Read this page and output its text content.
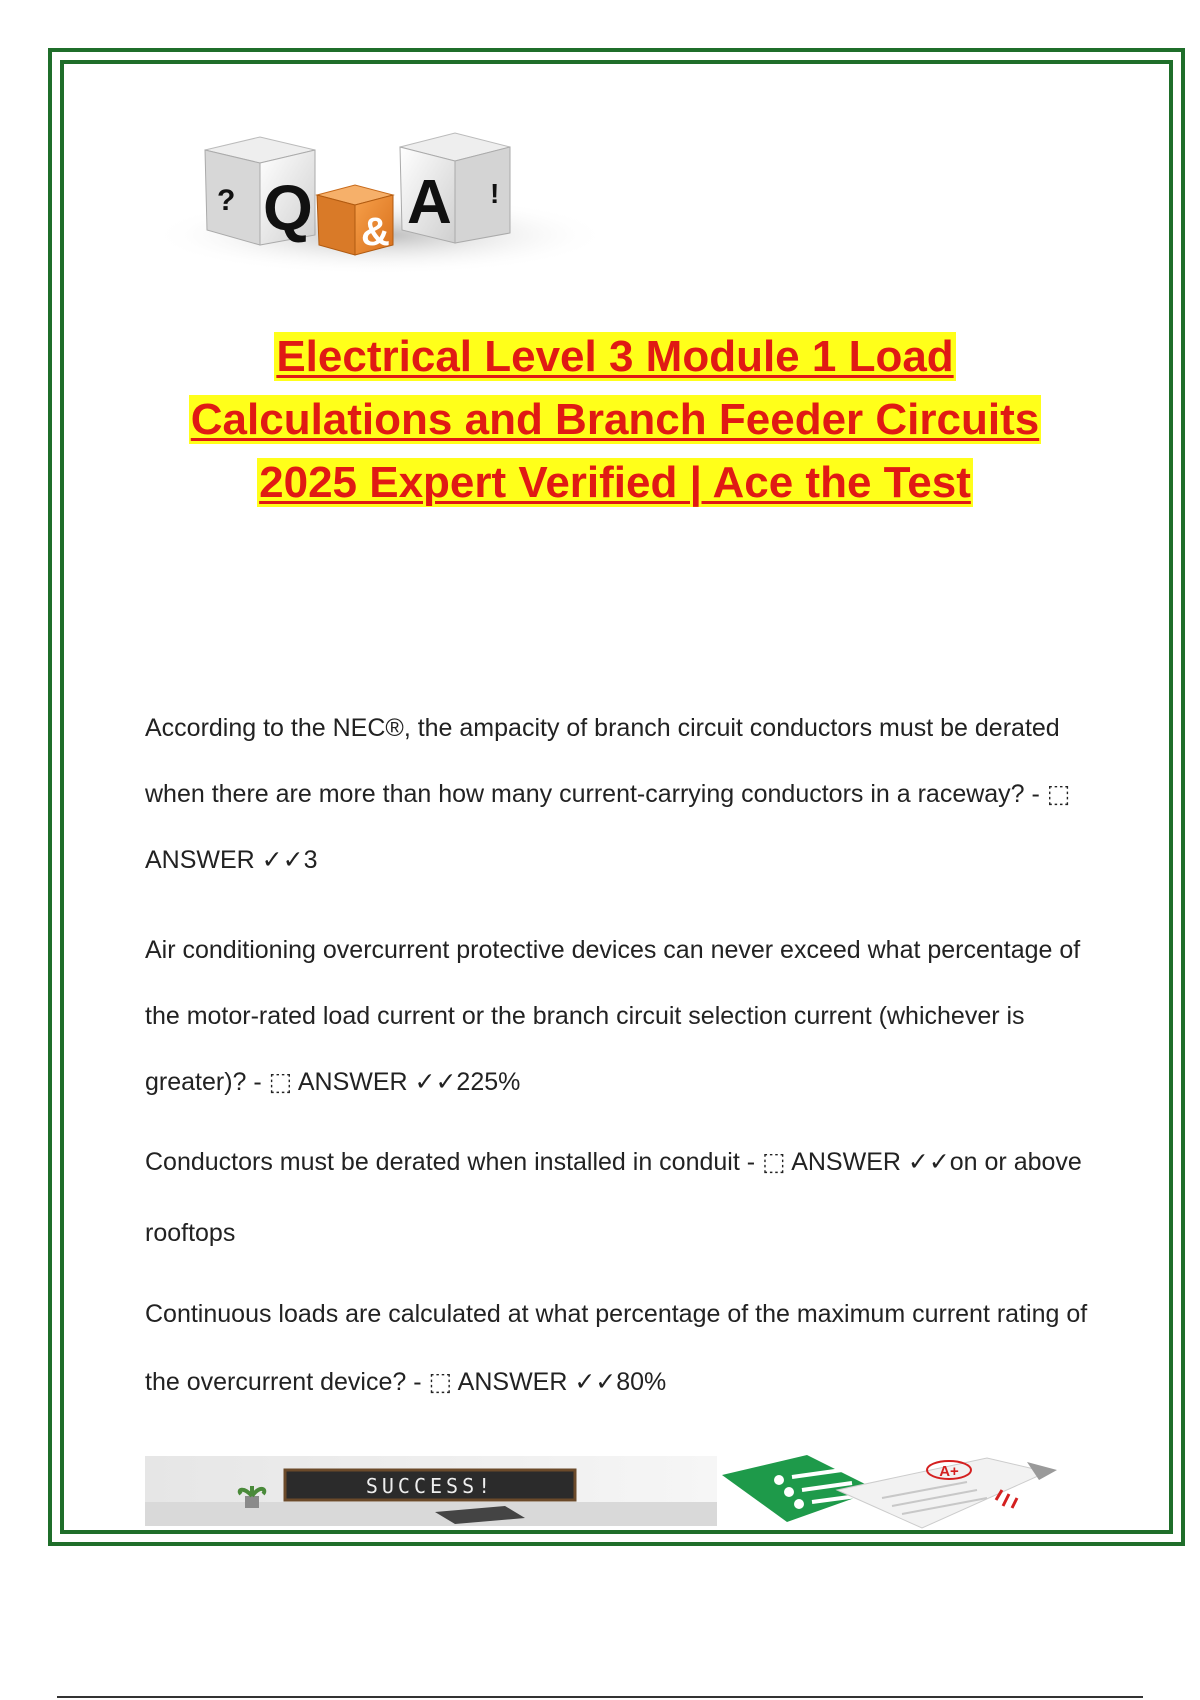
Q
?
& A !
Electrical Level 3 Module 1 Load
Calculations and Branch Feeder Circuits
2025 Expert Verified | Ace the Test

According to the NEC®, the ampacity of branch circuit conductors must be derated when there are more than how many current-carrying conductors in a raceway? - ⬚ ANSWER ✓✓3

Air conditioning overcurrent protective devices can never exceed what percentage of the motor-rated load current or the branch circuit selection current (whichever is greater)? - ⬚ ANSWER ✓✓225%

Conductors must be derated when installed in conduit - ⬚ ANSWER ✓✓on or above rooftops

Continuous loads are calculated at what percentage of the maximum current rating of the overcurrent device? - ⬚ ANSWER ✓✓80%

SUCCESS!
A+
